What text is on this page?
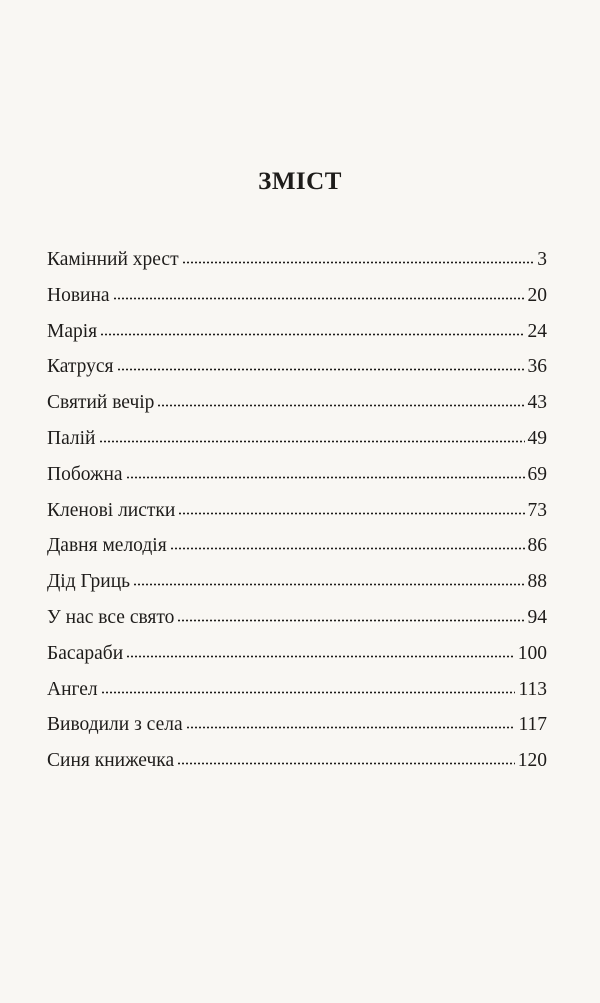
ЗМІСТ
Камінний хрест	3
Новина	20
Марія	24
Катруся	36
Святий вечір	43
Палій	49
Побожна	69
Кленові листки	73
Давня мелодія	86
Дід Гриць	88
У нас все свято	94
Басараби	100
Ангел	113
Виводили з села	117
Синя книжечка	120
